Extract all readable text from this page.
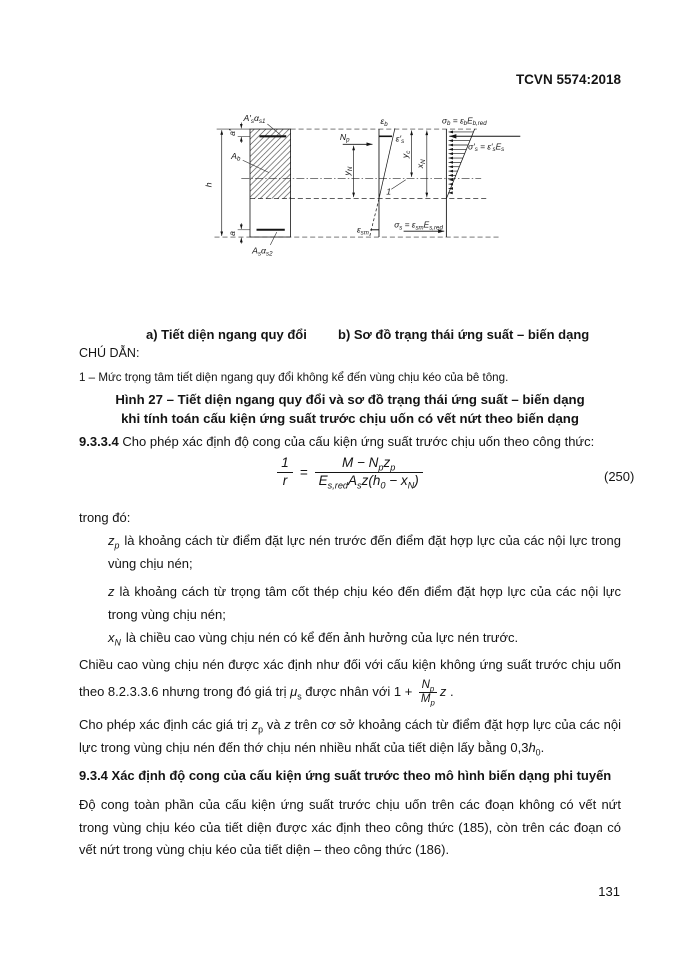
TCVN 5574:2018
$A'_s\alpha_{s1}$
$A_b$
$A_s\alpha_{s2}$
h
a′
a
$\varepsilon_b$
$\varepsilon'_s$
$\varepsilon_{sm}$
$N_p$
$y_N$
$y_c$
$x_N$
1
$\sigma_b = \varepsilon_bE_{b,red}$
$\sigma'_s = \varepsilon'_sE_s$
$\sigma_s = \varepsilon_{sm}E_{s,red}$
a) Tiết diện ngang quy đổi b) Sơ đồ trạng thái ứng suất – biến dạng
CHÚ DẪN:
1 – Mức trọng tâm tiết diện ngang quy đổi không kể đến vùng chịu kéo của bê tông.
Hình 27 – Tiết diện ngang quy đổi và sơ đồ trạng thái ứng suất – biến dạng
khi tính toán cấu kiện ứng suất trước chịu uốn có vết nứt theo biến dạng
9.3.3.4 Cho phép xác định độ cong của cấu kiện ứng suất trước chịu uốn theo công thức:
$\frac{1}{r} = \frac{M - N_pz_p}{E_{s,red}A_sz(h_0 - x_N)}$	(250)
trong đó:
$z_p$ là khoảng cách từ điểm đặt lực nén trước đến điểm đặt hợp lực của các nội lực trong vùng chịu nén;
z là khoảng cách từ trọng tâm cốt thép chịu kéo đến điểm đặt hợp lực của các nội lực trong vùng chịu nén;
$x_N$ là chiều cao vùng chịu nén có kể đến ảnh hưởng của lực nén trước.
Chiều cao vùng chịu nén được xác định như đối với cấu kiện không ứng suất trước chịu uốn theo 8.2.3.3.6 nhưng trong đó giá trị $\mu_s$ được nhân với $1 + \frac{N_p}{M_p}$ z .
Cho phép xác định các giá trị $z_p$ và z trên cơ sở khoảng cách từ điểm đặt hợp lực của các nội lực trong vùng chịu nén đến thớ chịu nén nhiều nhất của tiết diện lấy bằng $0,3h_0$.
9.3.4 Xác định độ cong của cấu kiện ứng suất trước theo mô hình biến dạng phi tuyến
Độ cong toàn phần của cấu kiện ứng suất trước chịu uốn trên các đoạn không có vết nứt trong vùng chịu kéo của tiết diện được xác định theo công thức (185), còn trên các đoạn có vết nứt trong vùng chịu kéo của tiết diện – theo công thức (186).
131
